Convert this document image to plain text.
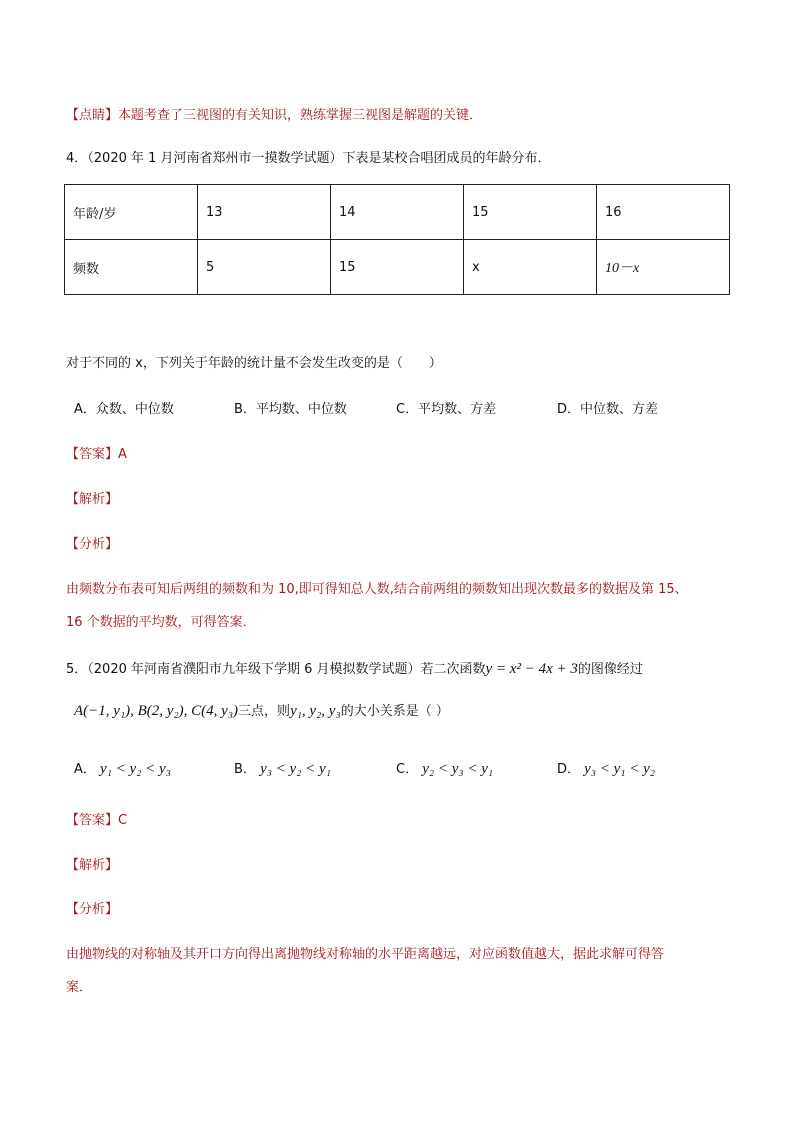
【点睛】本题考查了三视图的有关知识，熟练掌握三视图是解题的关键．
4．（2020 年 1 月河南省郑州市一摸数学试题）下表是某校合唱团成员的年龄分布．
年龄/岁	13	14	15	16
频数	5	15	x	10－x
对于不同的 x，下列关于年龄的统计量不会发生改变的是（　　）
A．众数、中位数	B．平均数、中位数	C．平均数、方差	D．中位数、方差
【答案】A
【解析】
【分析】
由频数分布表可知后两组的频数和为 10,即可得知总人数,结合前两组的频数知出现次数最多的数据及第 15、
16 个数据的平均数，可得答案．
5．（2020 年河南省濮阳市九年级下学期 6 月模拟数学试题）若二次函数y = x² − 4x + 3的图像经过
A(−1, y₁), B(2, y₂), C(4, y₃)三点，则y₁, y₂, y₃的大小关系是（ ）
A． y₁ < y₂ < y₃	B． y₃ < y₂ < y₁	C． y₂ < y₃ < y₁	D． y₃ < y₁ < y₂
【答案】C
【解析】
【分析】
由抛物线的对称轴及其开口方向得出离抛物线对称轴的水平距离越远，对应函数值越大，据此求解可得答
案．
